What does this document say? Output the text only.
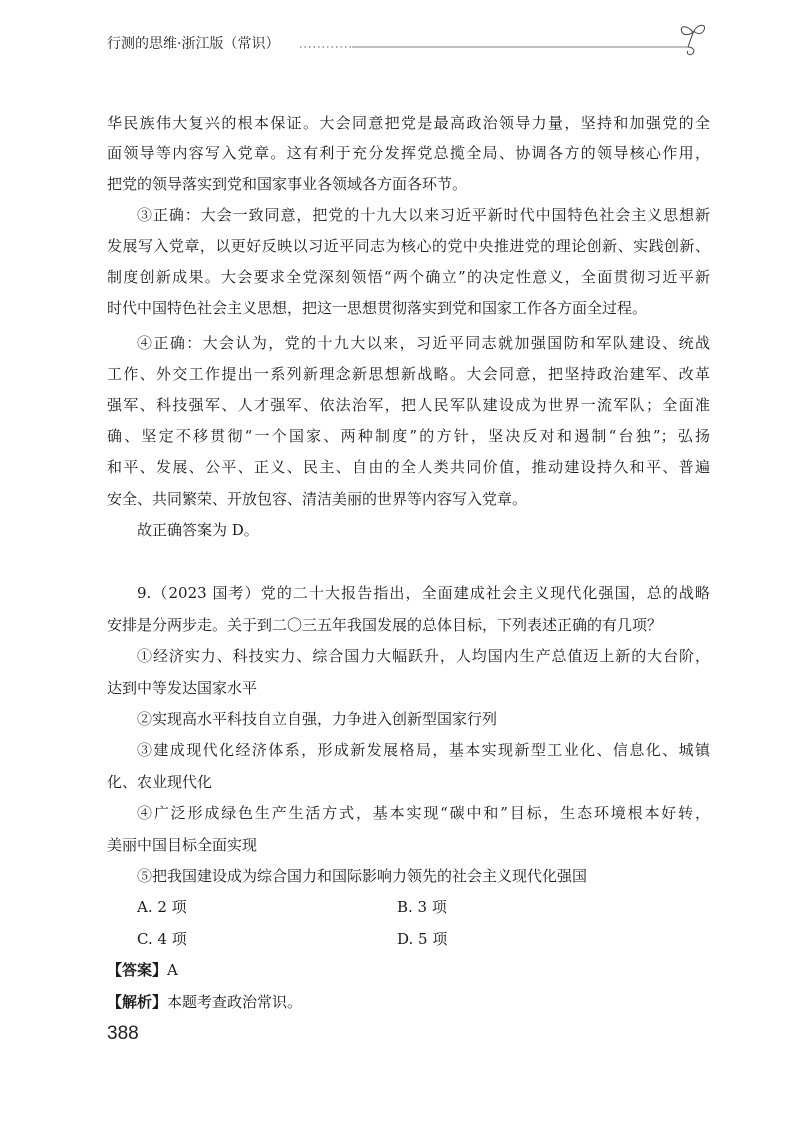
行测的思维·浙江版（常识）
华民族伟大复兴的根本保证。大会同意把党是最高政治领导力量，坚持和加强党的全
面领导等内容写入党章。这有利于充分发挥党总揽全局、协调各方的领导核心作用，
把党的领导落实到党和国家事业各领域各方面各环节。
③正确：大会一致同意，把党的十九大以来习近平新时代中国特色社会主义思想新
发展写入党章，以更好反映以习近平同志为核心的党中央推进党的理论创新、实践创新、
制度创新成果。大会要求全党深刻领悟“两个确立”的决定性意义，全面贯彻习近平新
时代中国特色社会主义思想，把这一思想贯彻落实到党和国家工作各方面全过程。
④正确：大会认为，党的十九大以来，习近平同志就加强国防和军队建设、统战
工作、外交工作提出一系列新理念新思想新战略。大会同意，把坚持政治建军、改革
强军、科技强军、人才强军、依法治军，把人民军队建设成为世界一流军队；全面准
确、坚定不移贯彻“一个国家、两种制度”的方针，坚决反对和遏制“台独”；弘扬
和平、发展、公平、正义、民主、自由的全人类共同价值，推动建设持久和平、普遍
安全、共同繁荣、开放包容、清洁美丽的世界等内容写入党章。
故正确答案为 D。
9.（2023 国考）党的二十大报告指出，全面建成社会主义现代化强国，总的战略
安排是分两步走。关于到二〇三五年我国发展的总体目标，下列表述正确的有几项？
①经济实力、科技实力、综合国力大幅跃升，人均国内生产总值迈上新的大台阶，
达到中等发达国家水平
②实现高水平科技自立自强，力争进入创新型国家行列
③建成现代化经济体系，形成新发展格局，基本实现新型工业化、信息化、城镇
化、农业现代化
④广泛形成绿色生产生活方式，基本实现“碳中和”目标，生态环境根本好转，
美丽中国目标全面实现
⑤把我国建设成为综合国力和国际影响力领先的社会主义现代化强国
A. 2 项	B. 3 项
C. 4 项	D. 5 项
【答案】A
【解析】本题考查政治常识。
388
